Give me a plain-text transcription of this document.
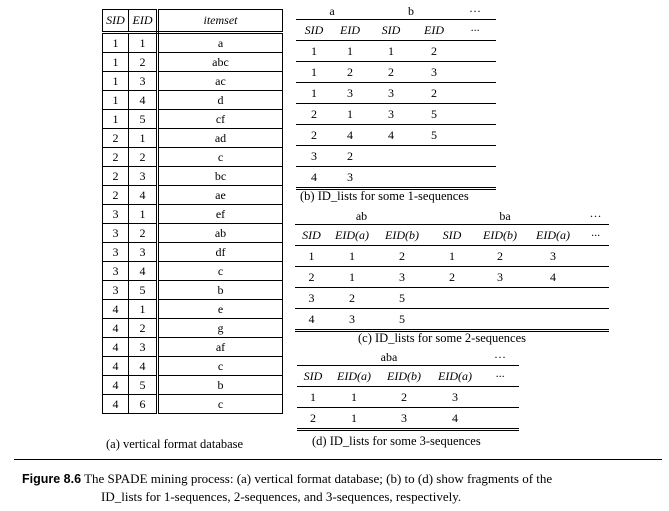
SID	EID	itemset
1	1	a
1	2	abc
1	3	ac
1	4	d
1	5	cf
2	1	ad
2	2	c
2	3	bc
2	4	ae
3	1	ef
3	2	ab
3	3	df
3	4	c
3	5	b
4	1	e
4	2	g
4	3	af
4	4	c
4	5	b
4	6	c
(a) vertical format database
a		b		···
SID	EID	SID	EID	···
1	1	1	2	
1	2	2	3	
1	3	3	2	
2	1	3	5	
2	4	4	5	
3	2			
4	3			
(b) ID_lists for some 1-sequences
ab			ba			···
SID	EID(a)	EID(b)	SID	EID(b)	EID(a)	···
1	1	2	1	2	3	
2	1	3	2	3	4	
3	2	5				
4	3	5				
(c) ID_lists for some 2-sequences
aba				···
SID	EID(a)	EID(b)	EID(a)	···
1	1	2	3	
2	1	3	4	
(d) ID_lists for some 3-sequences
Figure 8.6 The SPADE mining process: (a) vertical format database; (b) to (d) show fragments of the
ID_lists for 1-sequences, 2-sequences, and 3-sequences, respectively.
